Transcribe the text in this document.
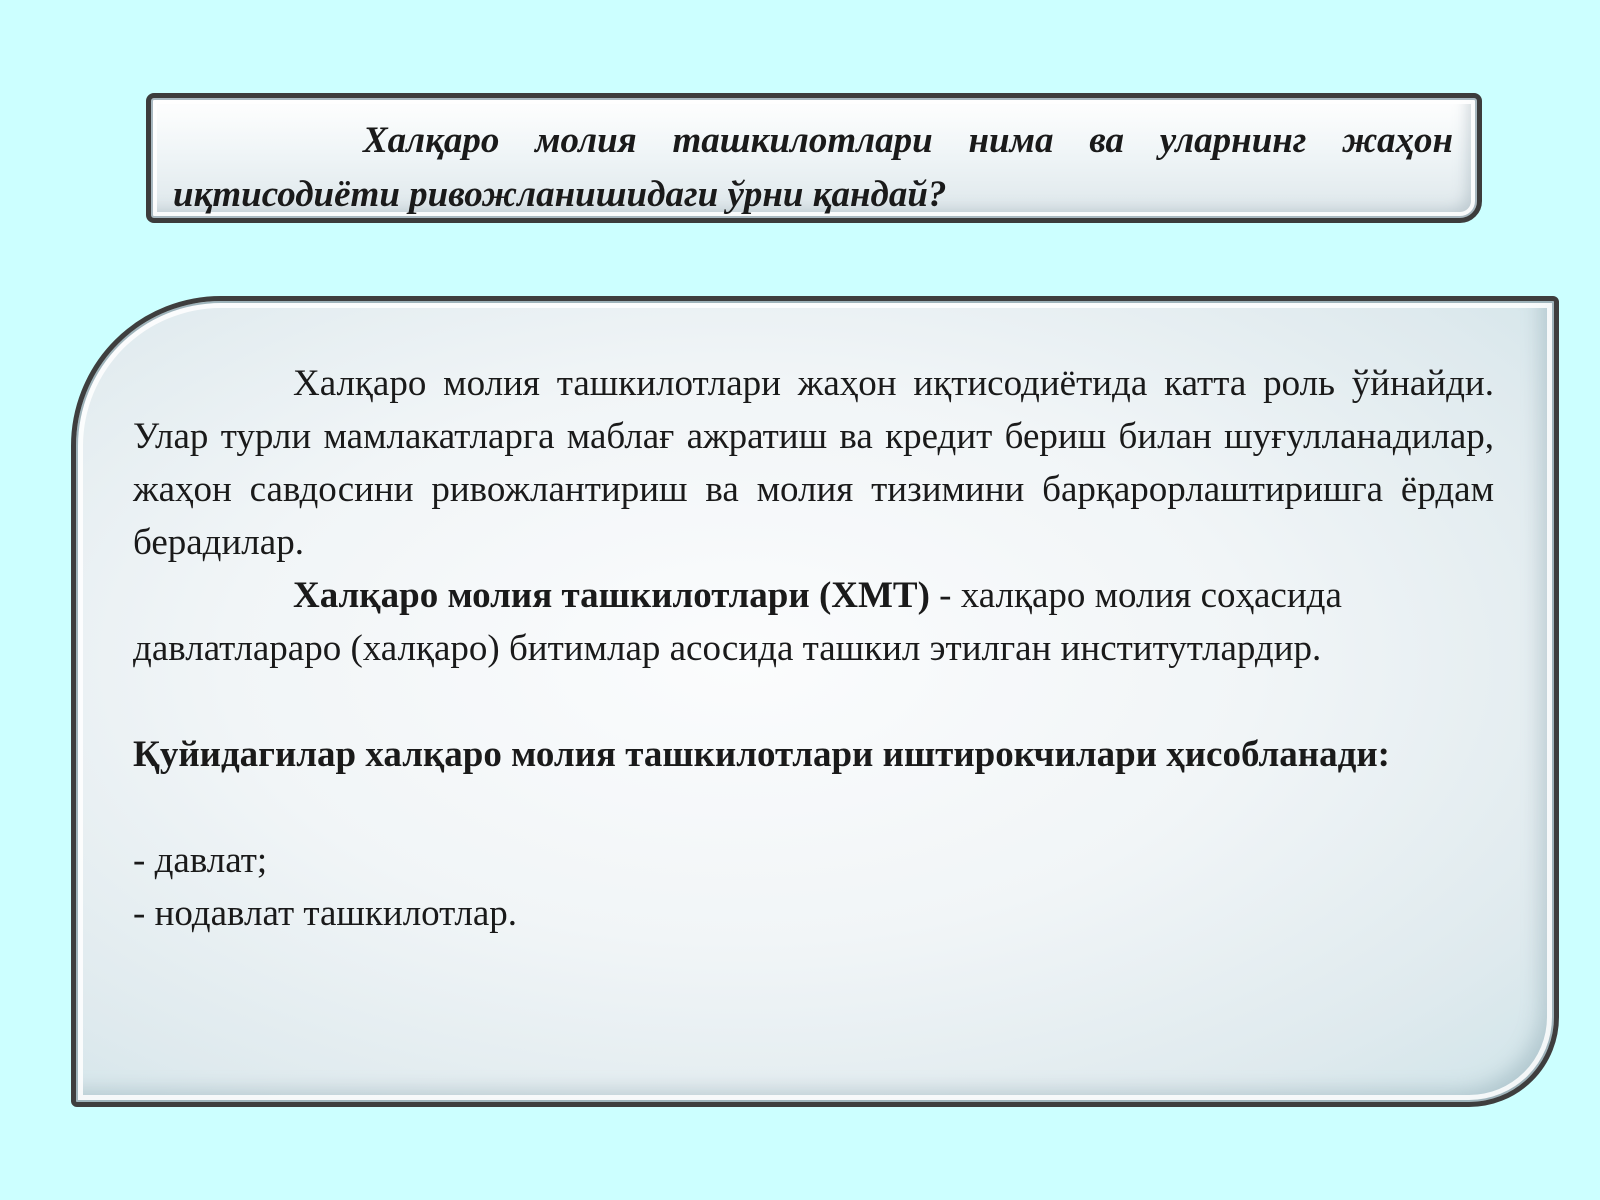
Халқаро молия ташкилотлари нима ва уларнинг жаҳон иқтисодиёти ривожланишидаги ўрни қандай?

Халқаро молия ташкилотлари жаҳон иқтисодиётида катта роль ўйнайди. Улар турли мамлакатларга маблағ ажратиш ва кредит бериш билан шуғулланадилар, жаҳон савдосини ривожлантириш ва молия тизимини барқарорлаштиришга ёрдам берадилар.

Халқаро молия ташкилотлари (ХМТ) - халқаро молия соҳасида давлатлараро (халқаро) битимлар асосида ташкил этилган институтлардир.

Қуйидагилар халқаро молия ташкилотлари иштирокчилари ҳисобланади:

- давлат;

- нодавлат ташкилотлар.
